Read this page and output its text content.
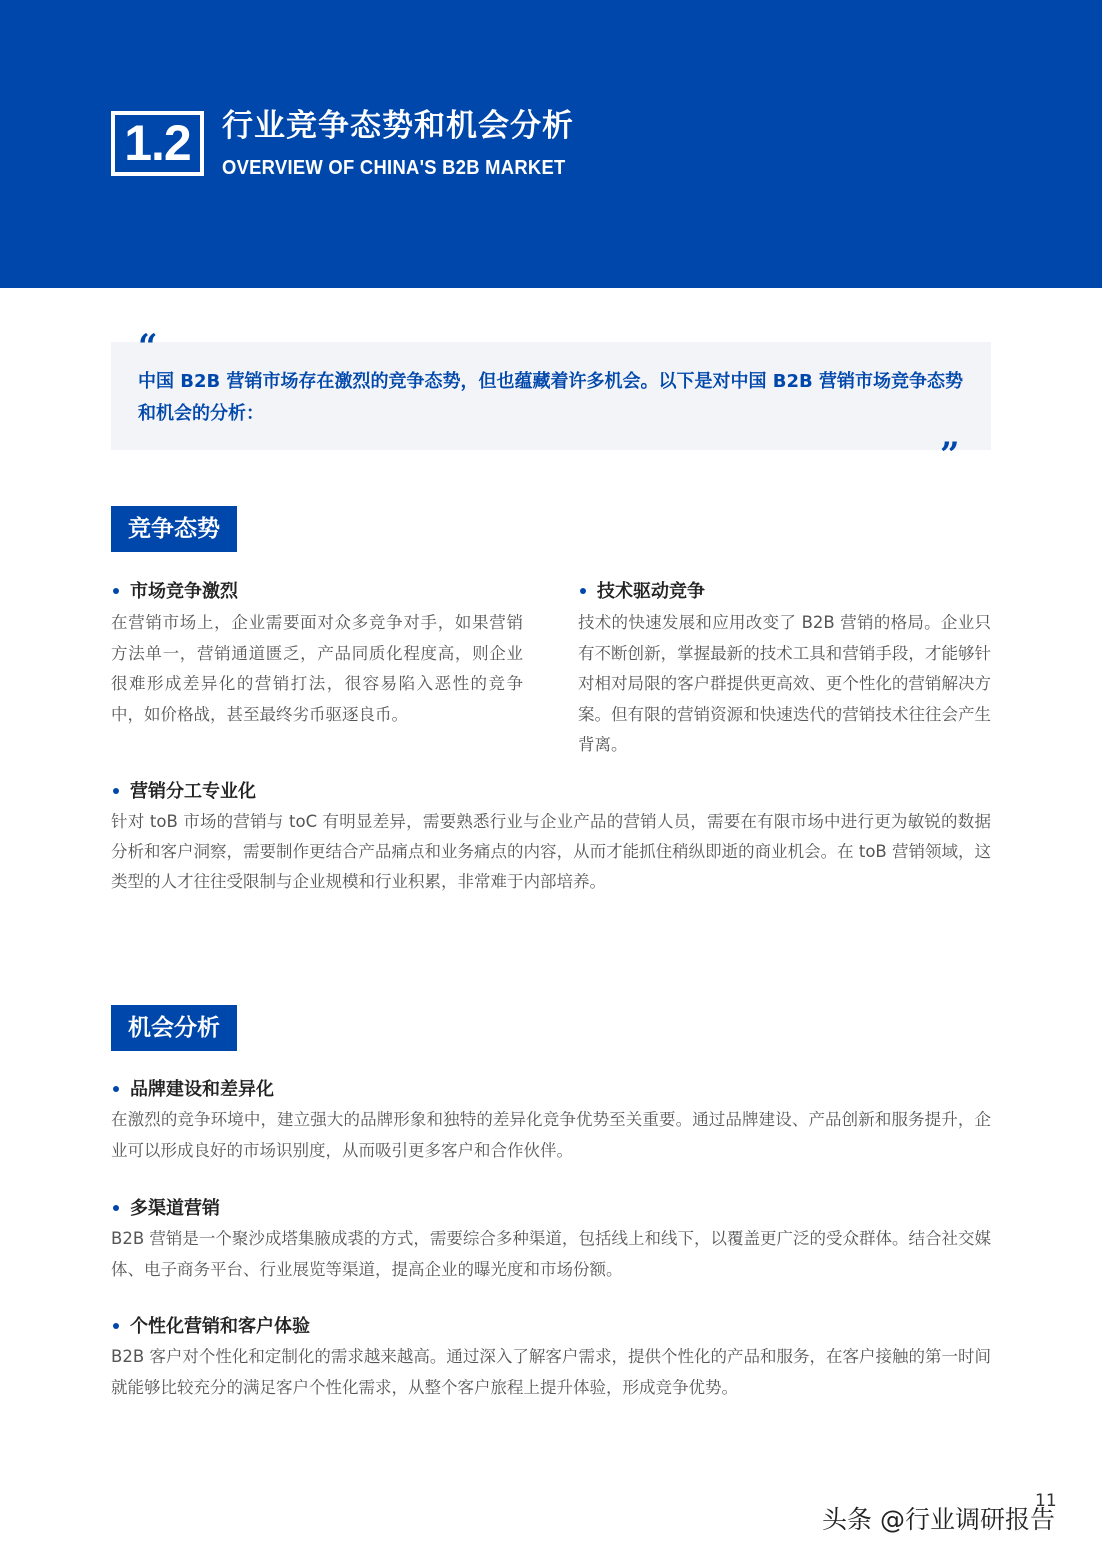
1.2	行业竞争态势和机会分析
OVERVIEW OF CHINA'S B2B MARKET
“
中国 B2B 营销市场存在激烈的竞争态势，但也蕴藏着许多机会。以下是对中国 B2B 营销市场竞争态势和机会的分析：
”
竞争态势
市场竞争激烈
在营销市场上，企业需要面对众多竞争对手，如果营销方法单一，营销通道匮乏，产品同质化程度高，则企业很难形成差异化的营销打法，很容易陷入恶性的竞争中，如价格战，甚至最终劣币驱逐良币。
技术驱动竞争
技术的快速发展和应用改变了 B2B 营销的格局。企业只有不断创新，掌握最新的技术工具和营销手段，才能够针对相对局限的客户群提供更高效、更个性化的营销解决方案。但有限的营销资源和快速迭代的营销技术往往会产生背离。
营销分工专业化
针对 toB 市场的营销与 toC 有明显差异，需要熟悉行业与企业产品的营销人员，需要在有限市场中进行更为敏锐的数据分析和客户洞察，需要制作更结合产品痛点和业务痛点的内容，从而才能抓住稍纵即逝的商业机会。在 toB 营销领域，这类型的人才往往受限制与企业规模和行业积累，非常难于内部培养。
机会分析
品牌建设和差异化
在激烈的竞争环境中，建立强大的品牌形象和独特的差异化竞争优势至关重要。通过品牌建设、产品创新和服务提升，企业可以形成良好的市场识别度，从而吸引更多客户和合作伙伴。
多渠道营销
B2B 营销是一个聚沙成塔集腋成裘的方式，需要综合多种渠道，包括线上和线下，以覆盖更广泛的受众群体。结合社交媒体、电子商务平台、行业展览等渠道，提高企业的曝光度和市场份额。
个性化营销和客户体验
B2B 客户对个性化和定制化的需求越来越高。通过深入了解客户需求，提供个性化的产品和服务，在客户接触的第一时间就能够比较充分的满足客户个性化需求，从整个客户旅程上提升体验，形成竞争优势。
11
头条 @行业调研报告
